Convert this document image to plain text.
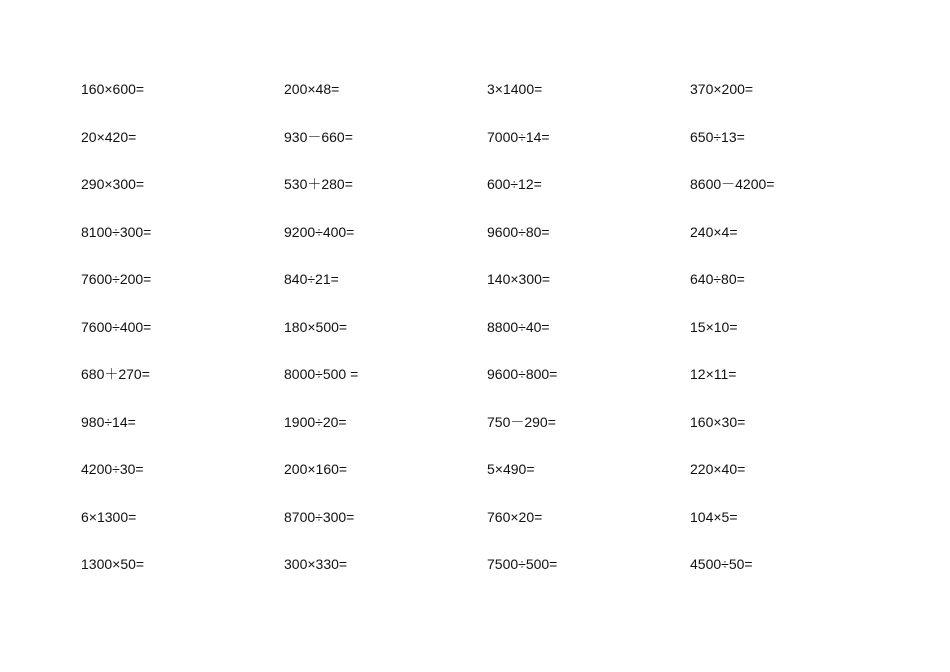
160×600=	200×48=	3×1400=	370×200=
20×420=	930－660=	7000÷14=	650÷13=
290×300=	530＋280=	600÷12=	8600－4200=
8100÷300=	9200÷400=	9600÷80=	240×4=
7600÷200=	840÷21=	140×300=	640÷80=
7600÷400=	180×500=	8800÷40=	15×10=
680＋270=	8000÷500 =	9600÷800=	12×11=
980÷14=	1900÷20=	750－290=	160×30=
4200÷30=	200×160=	5×490=	220×40=
6×1300=	8700÷300=	760×20=	104×5=
1300×50=	300×330=	7500÷500=	4500÷50=
